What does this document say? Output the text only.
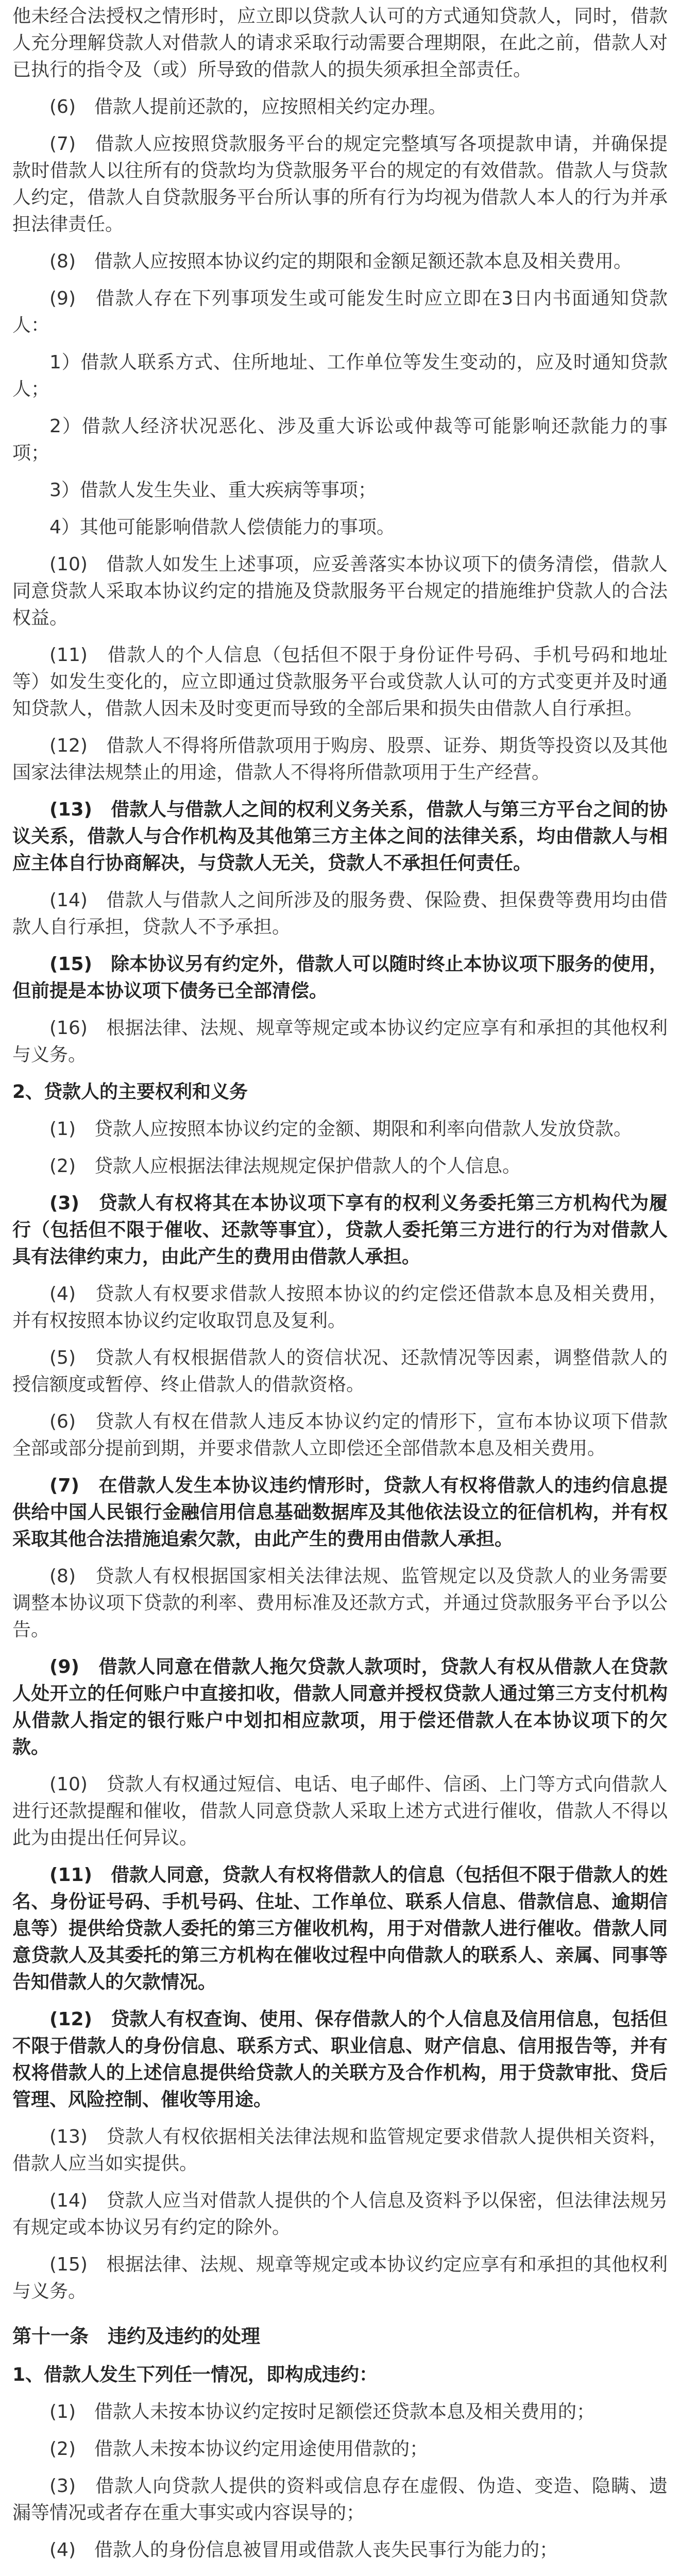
他未经合法授权之情形时，应立即以贷款人认可的方式通知贷款人，同时，借款人充分理解贷款人对借款人的请求采取行动需要合理期限，在此之前，借款人对已执行的指令及（或）所导致的借款人的损失须承担全部责任。

(6)　借款人提前还款的，应按照相关约定办理。

(7)　借款人应按照贷款服务平台的规定完整填写各项提款申请，并确保提款时借款人以往所有的贷款均为贷款服务平台的规定的有效借款。借款人与贷款人约定，借款人自贷款服务平台所认事的所有行为均视为借款人本人的行为并承担法律责任。

(8)　借款人应按照本协议约定的期限和金额足额还款本息及相关费用。

(9)　借款人存在下列事项发生或可能发生时应立即在3日内书面通知贷款人：

1）借款人联系方式、住所地址、工作单位等发生变动的，应及时通知贷款人；

2）借款人经济状况恶化、涉及重大诉讼或仲裁等可能影响还款能力的事项；

3）借款人发生失业、重大疾病等事项；

4）其他可能影响借款人偿债能力的事项。

(10)　借款人如发生上述事项，应妥善落实本协议项下的债务清偿，借款人同意贷款人采取本协议约定的措施及贷款服务平台规定的措施维护贷款人的合法权益。

(11)　借款人的个人信息（包括但不限于身份证件号码、手机号码和地址等）如发生变化的，应立即通过贷款服务平台或贷款人认可的方式变更并及时通知贷款人，借款人因未及时变更而导致的全部后果和损失由借款人自行承担。

(12)　借款人不得将所借款项用于购房、股票、证券、期货等投资以及其他国家法律法规禁止的用途，借款人不得将所借款项用于生产经营。

(13)　借款人与借款人之间的权利义务关系，借款人与第三方平台之间的协议关系，借款人与合作机构及其他第三方主体之间的法律关系，均由借款人与相应主体自行协商解决，与贷款人无关，贷款人不承担任何责任。

(14)　借款人与借款人之间所涉及的服务费、保险费、担保费等费用均由借款人自行承担，贷款人不予承担。

(15)　除本协议另有约定外，借款人可以随时终止本协议项下服务的使用，但前提是本协议项下债务已全部清偿。

(16)　根据法律、法规、规章等规定或本协议约定应享有和承担的其他权利与义务。

2、贷款人的主要权利和义务

(1)　贷款人应按照本协议约定的金额、期限和利率向借款人发放贷款。

(2)　贷款人应根据法律法规规定保护借款人的个人信息。

(3)　贷款人有权将其在本协议项下享有的权利义务委托第三方机构代为履行（包括但不限于催收、还款等事宜），贷款人委托第三方进行的行为对借款人具有法律约束力，由此产生的费用由借款人承担。

(4)　贷款人有权要求借款人按照本协议的约定偿还借款本息及相关费用，并有权按照本协议约定收取罚息及复利。

(5)　贷款人有权根据借款人的资信状况、还款情况等因素，调整借款人的授信额度或暂停、终止借款人的借款资格。

(6)　贷款人有权在借款人违反本协议约定的情形下，宣布本协议项下借款全部或部分提前到期，并要求借款人立即偿还全部借款本息及相关费用。

(7)　在借款人发生本协议违约情形时，贷款人有权将借款人的违约信息提供给中国人民银行金融信用信息基础数据库及其他依法设立的征信机构，并有权采取其他合法措施追索欠款，由此产生的费用由借款人承担。

(8)　贷款人有权根据国家相关法律法规、监管规定以及贷款人的业务需要调整本协议项下贷款的利率、费用标准及还款方式，并通过贷款服务平台予以公告。

(9)　借款人同意在借款人拖欠贷款人款项时，贷款人有权从借款人在贷款人处开立的任何账户中直接扣收，借款人同意并授权贷款人通过第三方支付机构从借款人指定的银行账户中划扣相应款项，用于偿还借款人在本协议项下的欠款。

(10)　贷款人有权通过短信、电话、电子邮件、信函、上门等方式向借款人进行还款提醒和催收，借款人同意贷款人采取上述方式进行催收，借款人不得以此为由提出任何异议。

(11)　借款人同意，贷款人有权将借款人的信息（包括但不限于借款人的姓名、身份证号码、手机号码、住址、工作单位、联系人信息、借款信息、逾期信息等）提供给贷款人委托的第三方催收机构，用于对借款人进行催收。借款人同意贷款人及其委托的第三方机构在催收过程中向借款人的联系人、亲属、同事等告知借款人的欠款情况。

(12)　贷款人有权查询、使用、保存借款人的个人信息及信用信息，包括但不限于借款人的身份信息、联系方式、职业信息、财产信息、信用报告等，并有权将借款人的上述信息提供给贷款人的关联方及合作机构，用于贷款审批、贷后管理、风险控制、催收等用途。

(13)　贷款人有权依据相关法律法规和监管规定要求借款人提供相关资料，借款人应当如实提供。

(14)　贷款人应当对借款人提供的个人信息及资料予以保密，但法律法规另有规定或本协议另有约定的除外。

(15)　根据法律、法规、规章等规定或本协议约定应享有和承担的其他权利与义务。

第十一条　违约及违约的处理

1、借款人发生下列任一情况，即构成违约：

(1)　借款人未按本协议约定按时足额偿还贷款本息及相关费用的；

(2)　借款人未按本协议约定用途使用借款的；

(3)　借款人向贷款人提供的资料或信息存在虚假、伪造、变造、隐瞒、遗漏等情况或者存在重大事实或内容误导的；

(4)　借款人的身份信息被冒用或借款人丧失民事行为能力的；
